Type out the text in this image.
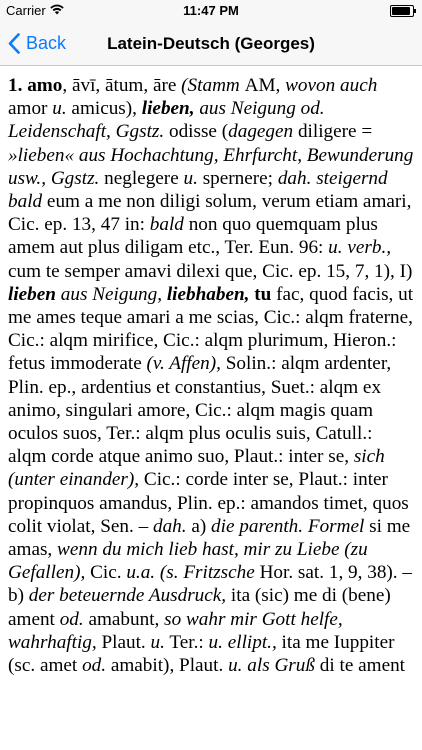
Carrier	11:47 PM
Back	Latein-Deutsch (Georges)
1. amo, āvī, ātum, āre (Stamm AM, wovon auch amor u. amicus), lieben, aus Neigung od. Leidenschaft, Ggstz. odisse (dagegen diligere = »lieben« aus Hochachtung, Ehrfurcht, Bewunderung usw., Ggstz. neglegere u. spernere; dah. steigernd bald eum a me non diligi solum, verum etiam amari, Cic. ep. 13, 47 in: bald non quo quemquam plus amem aut plus diligam etc., Ter. Eun. 96: u. verb., cum te semper amavi dilexi que, Cic. ep. 15, 7, 1), I) lieben aus Neigung, liebhaben, tu fac, quod facis, ut me ames teque amari a me scias, Cic.: alqm fraterne, Cic.: alqm mirifice, Cic.: alqm plurimum, Hieron.: fetus immoderate (v. Affen), Solin.: alqm ardenter, Plin. ep., ardentius et constantius, Suet.: alqm ex animo, singulari amore, Cic.: alqm magis quam oculos suos, Ter.: alqm plus oculis suis, Catull.: alqm corde atque animo suo, Plaut.: inter se, sich (unter einander), Cic.: corde inter se, Plaut.: inter propinquos amandus, Plin. ep.: amandos timet, quos colit violat, Sen. – dah. a) die parenth. Formel si me amas, wenn du mich lieb hast, mir zu Liebe (zu Gefallen), Cic. u.a. (s. Fritzsche Hor. sat. 1, 9, 38). – b) der beteuernde Ausdruck, ita (sic) me di (bene) ament od. amabunt, so wahr mir Gott helfe, wahrhaftig, Plaut. u. Ter.: u. ellipt., ita me Iuppiter (sc. amet od. amabit), Plaut. u. als Gruß di te ament
